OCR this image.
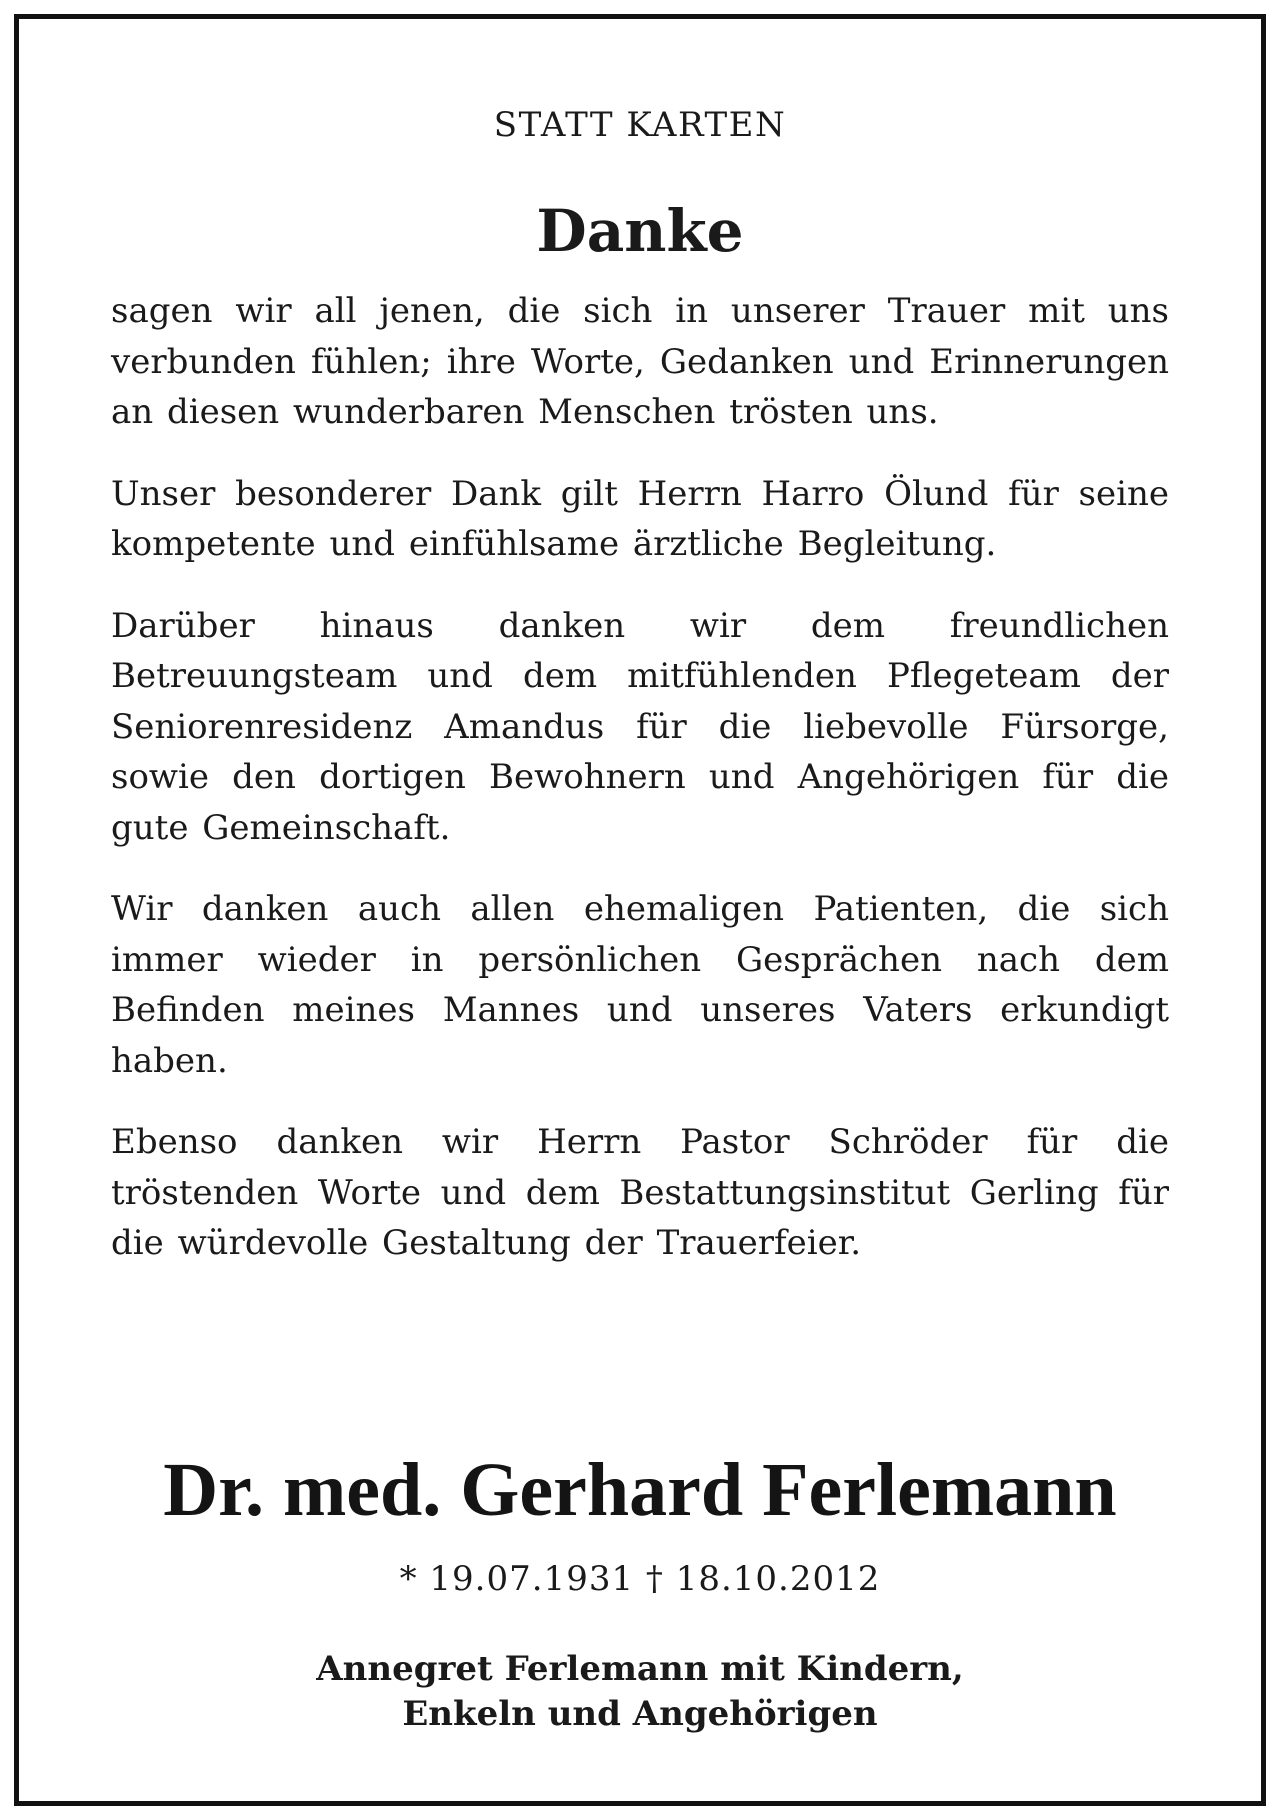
STATT KARTEN
Danke

sagen wir all jenen, die sich in unserer Trauer mit uns verbunden fühlen; ihre Worte, Gedanken und Erinnerungen an diesen wunderbaren Menschen trösten uns.

Unser besonderer Dank gilt Herrn Harro Ölund für seine kompetente und einfühlsame ärztliche Begleitung.

Darüber hinaus danken wir dem freundlichen Betreuungsteam und dem mitfühlenden Pflegeteam der Seniorenresidenz Amandus für die liebevolle Fürsorge, sowie den dortigen Bewohnern und Angehörigen für die gute Gemeinschaft.

Wir danken auch allen ehemaligen Patienten, die sich immer wieder in persönlichen Gesprächen nach dem Befinden meines Mannes und unseres Vaters erkundigt haben.

Ebenso danken wir Herrn Pastor Schröder für die tröstenden Worte und dem Bestattungsinstitut Gerling für die würdevolle Gestaltung der Trauerfeier.

Dr. med. Gerhard Ferlemann
* 19.07.1931 † 18.10.2012
Annegret Ferlemann mit Kindern,
Enkeln und Angehörigen
